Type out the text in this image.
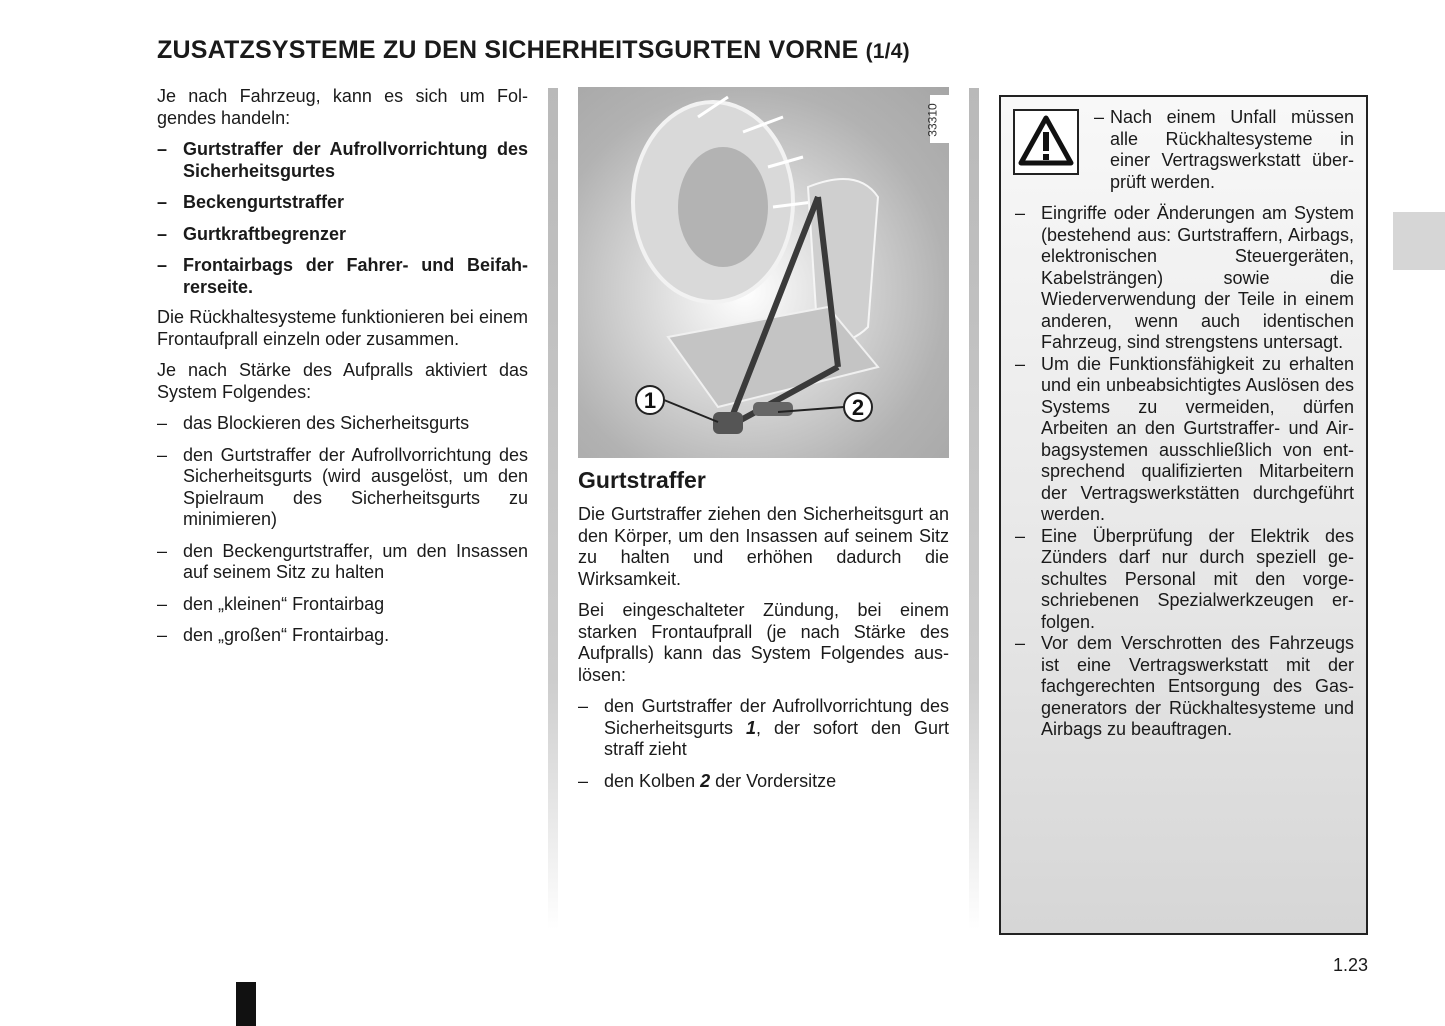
ZUSATZSYSTEME ZU DEN SICHERHEITSGURTEN VORNE (1/4)

Je nach Fahrzeug, kann es sich um Folgendes handeln:

– Gurtstraffer der Aufrollvorrichtung des Sicherheitsgurtes
– Beckengurtstraffer
– Gurtkraftbegrenzer
– Frontairbags der Fahrer- und Beifahrerseite.

Die Rückhaltesysteme funktionieren bei einem Frontaufprall einzeln oder zusammen.

Je nach Stärke des Aufpralls aktiviert das System Folgendes:

– das Blockieren des Sicherheitsgurts
– den Gurtstraffer der Aufrollvorrichtung des Sicherheitsgurts (wird ausgelöst, um den Spielraum des Sicherheitsgurts zu minimieren)
– den Beckengurtstraffer, um den Insassen auf seinem Sitz zu halten
– den „kleinen“ Frontairbag
– den „großen“ Frontairbag.
1	2
33310
Gurtstraffer

Die Gurtstraffer ziehen den Sicherheitsgurt an den Körper, um den Insassen auf seinem Sitz zu halten und erhöhen dadurch die Wirksamkeit.

Bei eingeschalteter Zündung, bei einem starken Frontaufprall (je nach Stärke des Aufpralls) kann das System Folgendes auslösen:

– den Gurtstraffer der Aufrollvorrichtung des Sicherheitsgurts 1, der sofort den Gurt straff zieht
– den Kolben 2 der Vordersitze
– Nach einem Unfall müssen alle Rückhaltesysteme in einer Vertragswerkstatt überprüft werden.
– Eingriffe oder Änderungen am System (bestehend aus: Gurtstraffern, Airbags, elektronischen Steuergeräten, Kabelsträngen) sowie die Wiederverwendung der Teile in einem anderen, wenn auch identischen Fahrzeug, sind strengstens untersagt.
– Um die Funktionsfähigkeit zu erhalten und ein unbeabsichtigtes Auslösen des Systems zu vermeiden, dürfen Arbeiten an den Gurtstraffer- und Airbagsystemen ausschließlich von entsprechend qualifizierten Mitarbeitern der Vertragswerkstätten durchgeführt werden.
– Eine Überprüfung der Elektrik des Zünders darf nur durch speziell geschultes Personal mit den vorgeschriebenen Spezialwerkzeugen erfolgen.
– Vor dem Verschrotten des Fahrzeugs ist eine Vertragswerkstatt mit der fachgerechten Entsorgung des Gasgenerators der Rückhaltesysteme und Airbags zu beauftragen.
1.23
